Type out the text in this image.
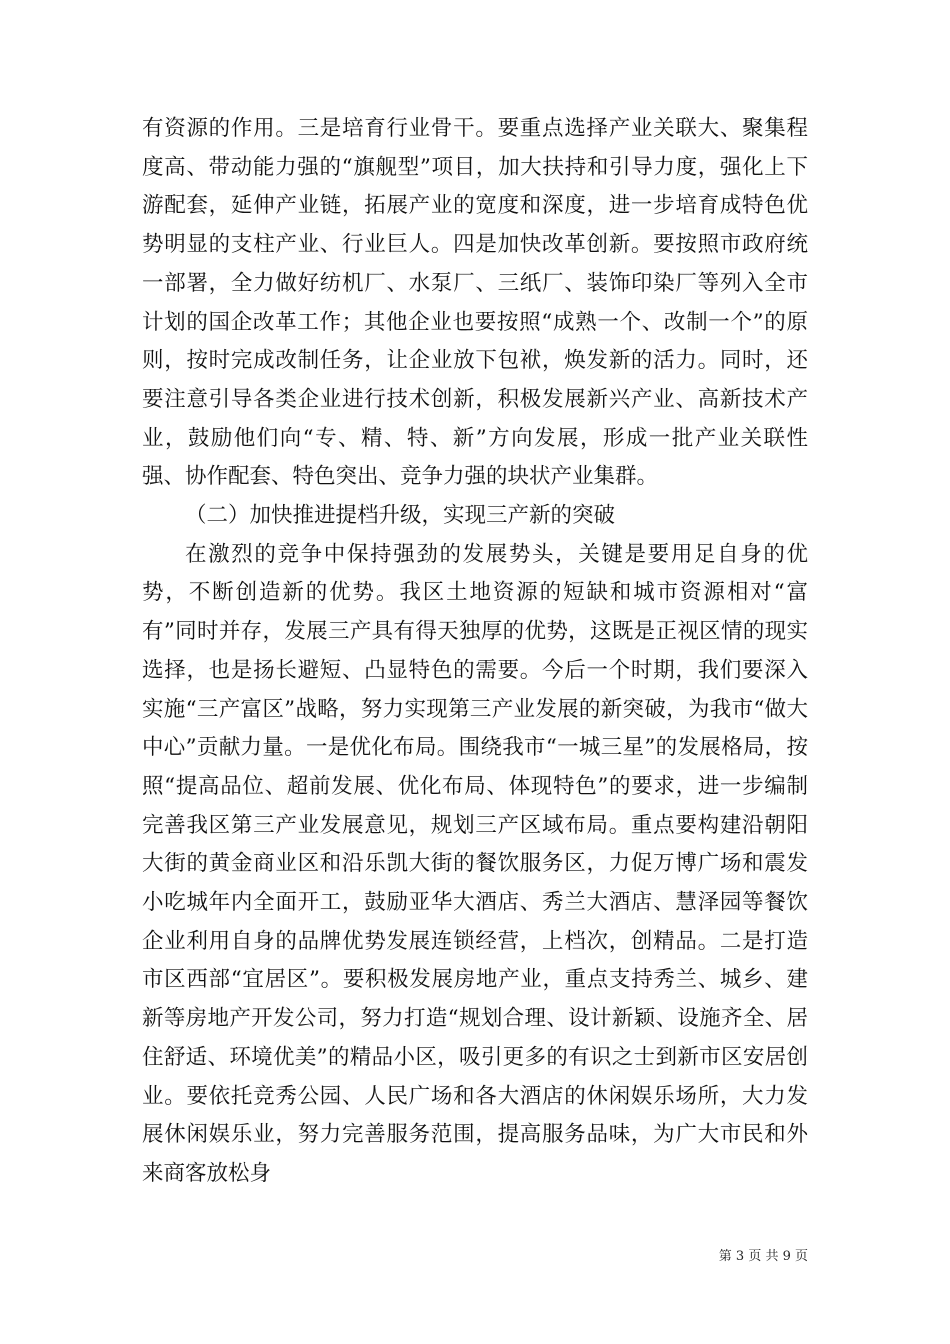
有资源的作用。三是培育行业骨干。要重点选择产业关联大、聚集程度高、带动能力强的“旗舰型”项目，加大扶持和引导力度，强化上下游配套，延伸产业链，拓展产业的宽度和深度，进一步培育成特色优势明显的支柱产业、行业巨人。四是加快改革创新。要按照市政府统一部署，全力做好纺机厂、水泵厂、三纸厂、装饰印染厂等列入全市计划的国企改革工作；其他企业也要按照“成熟一个、改制一个”的原则，按时完成改制任务，让企业放下包袱，焕发新的活力。同时，还要注意引导各类企业进行技术创新，积极发展新兴产业、高新技术产业，鼓励他们向“专、精、特、新”方向发展，形成一批产业关联性强、协作配套、特色突出、竞争力强的块状产业集群。

（二）加快推进提档升级，实现三产新的突破

在激烈的竞争中保持强劲的发展势头，关键是要用足自身的优势，不断创造新的优势。我区土地资源的短缺和城市资源相对“富有”同时并存，发展三产具有得天独厚的优势，这既是正视区情的现实选择，也是扬长避短、凸显特色的需要。今后一个时期，我们要深入实施“三产富区”战略，努力实现第三产业发展的新突破，为我市“做大中心”贡献力量。一是优化布局。围绕我市“一城三星”的发展格局，按照“提高品位、超前发展、优化布局、体现特色”的要求，进一步编制完善我区第三产业发展意见，规划三产区域布局。重点要构建沿朝阳大街的黄金商业区和沿乐凯大街的餐饮服务区，力促万博广场和震发小吃城年内全面开工，鼓励亚华大酒店、秀兰大酒店、慧泽园等餐饮企业利用自身的品牌优势发展连锁经营，上档次，创精品。二是打造市区西部“宜居区”。要积极发展房地产业，重点支持秀兰、城乡、建新等房地产开发公司，努力打造“规划合理、设计新颖、设施齐全、居住舒适、环境优美”的精品小区，吸引更多的有识之士到新市区安居创业。要依托竞秀公园、人民广场和各大酒店的休闲娱乐场所，大力发展休闲娱乐业，努力完善服务范围，提高服务品味，为广大市民和外来商客放松身

第 3 页 共 9 页
